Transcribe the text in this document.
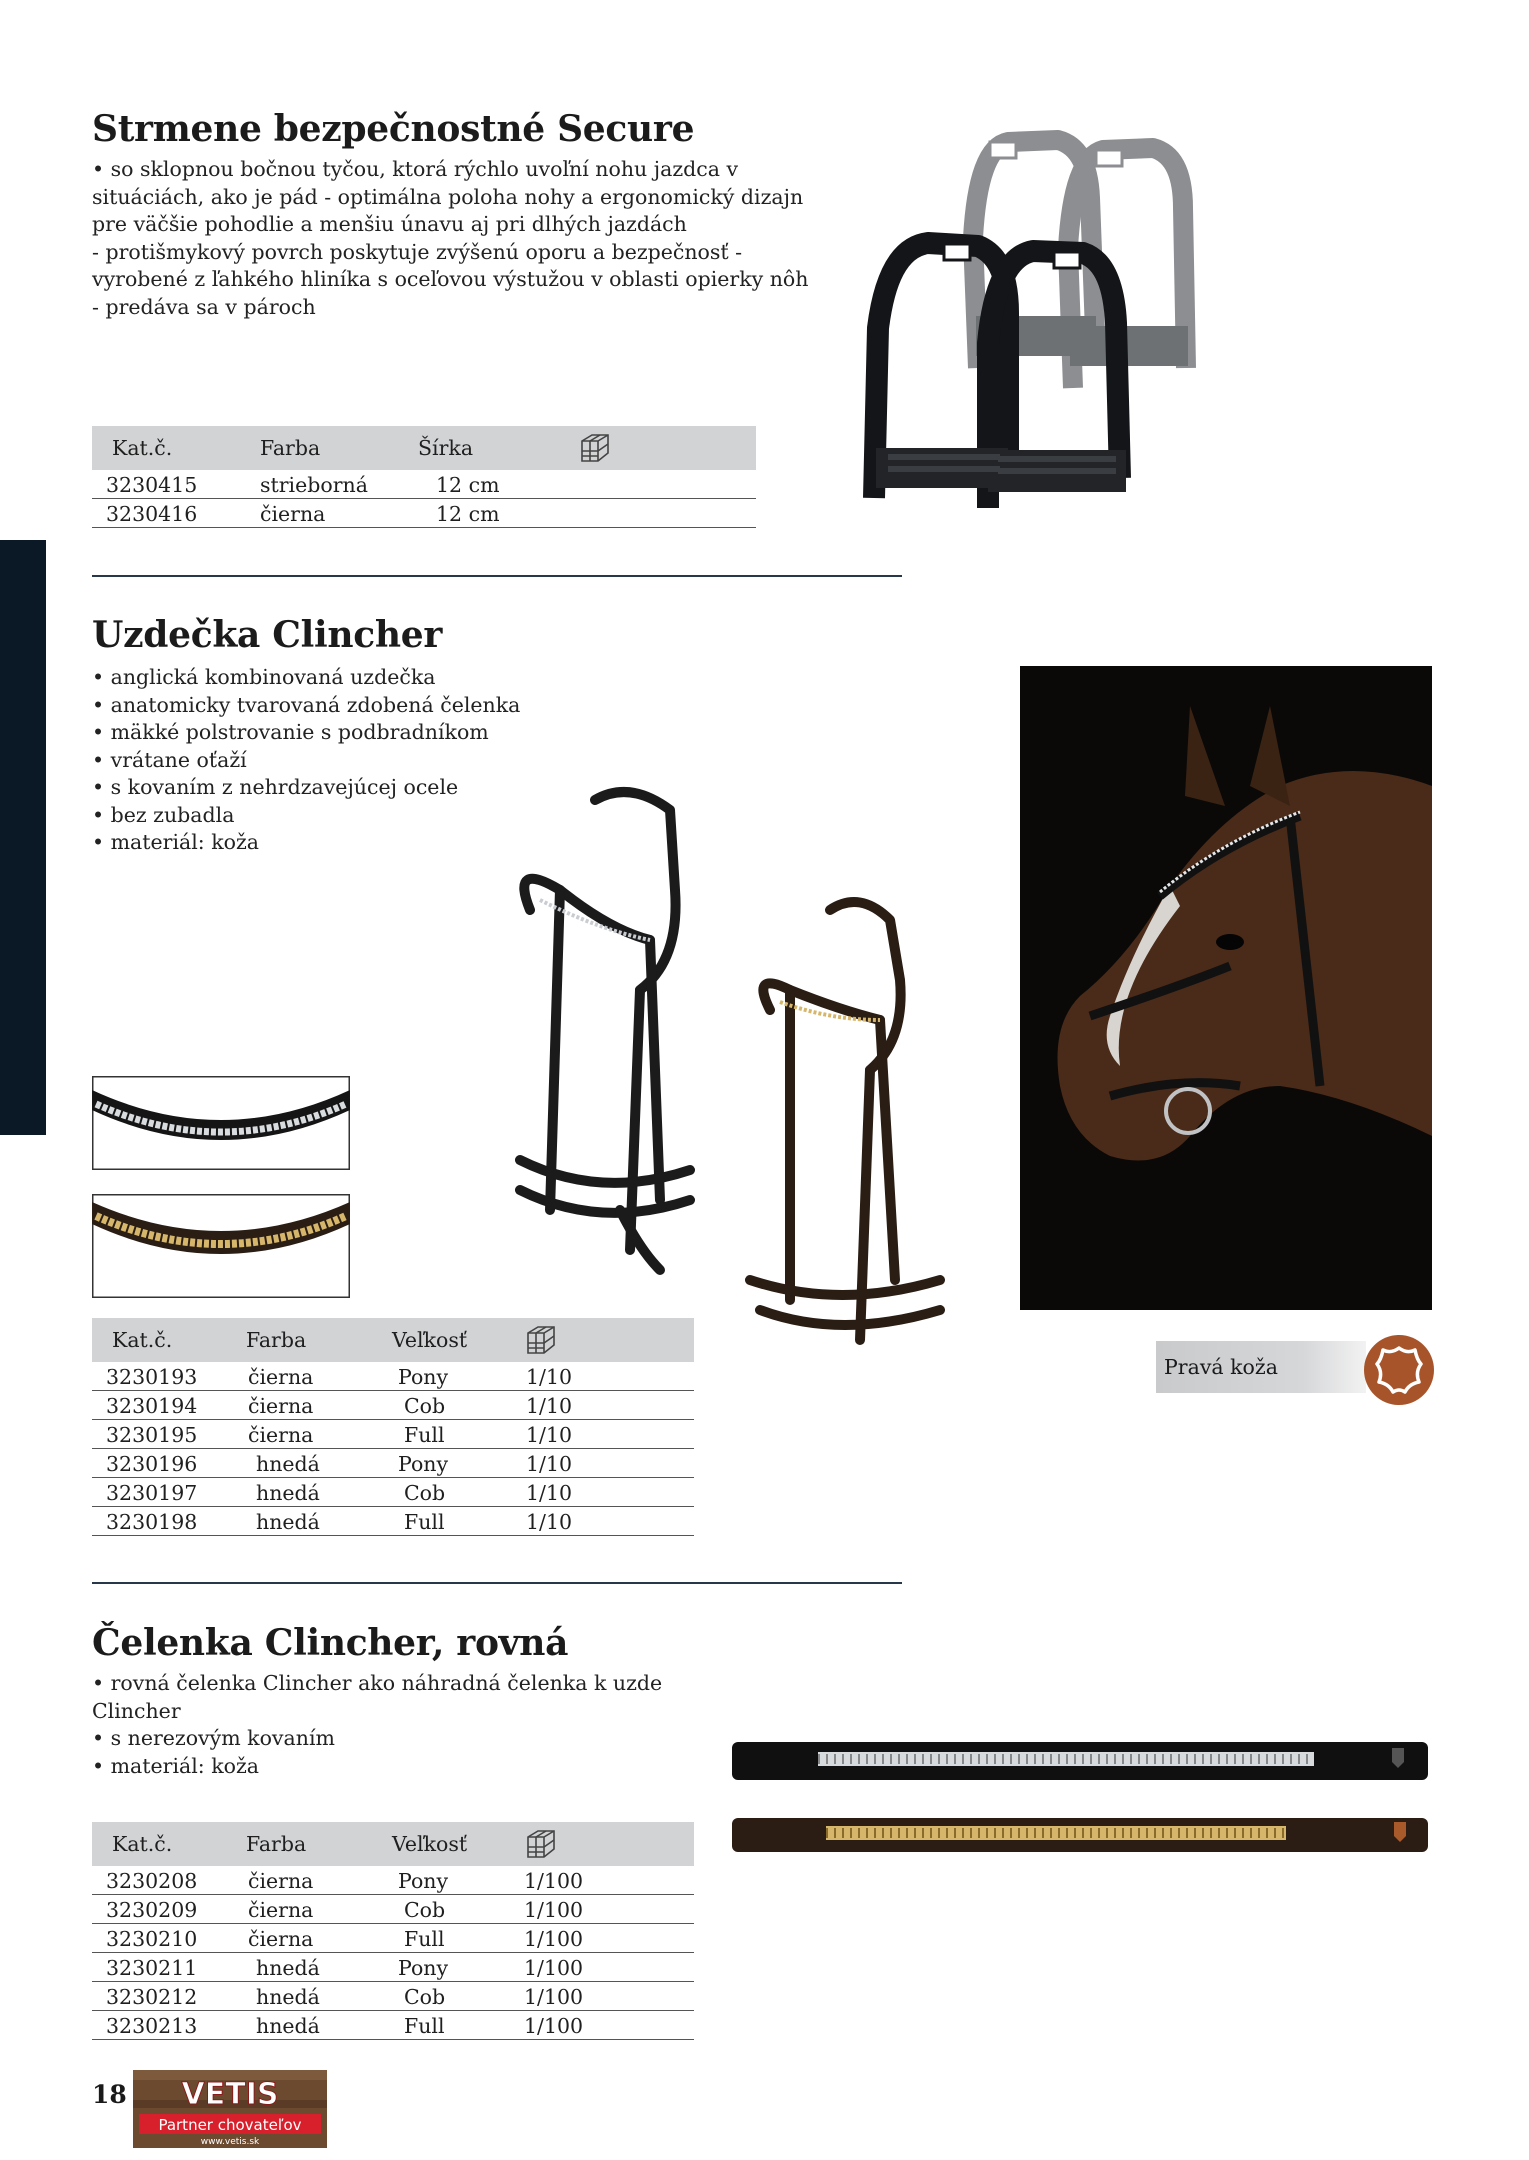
Strmene bezpečnostné Secure
• so sklopnou bočnou tyčou, ktorá rýchlo uvoľní nohu jazdca v
situáciách, ako je pád - optimálna poloha nohy a ergonomický dizajn
pre väčšie pohodlie a menšiu únavu aj pri dlhých jazdách
- protišmykový povrch poskytuje zvýšenú oporu a bezpečnosť -
vyrobené z ľahkého hliníka s oceľovou výstužou v oblasti opierky nôh
- predáva sa v pároch
Kat.č.	Farba	Šírka	
3230415	strieborná	12 cm	
3230416	čierna	12 cm	
Uzdečka Clincher
• anglická kombinovaná uzdečka
• anatomicky tvarovaná zdobená čelenka
• mäkké polstrovanie s podbradníkom
• vrátane oťaží
• s kovaním z nehrdzavejúcej ocele
• bez zubadla
• materiál: koža
Pravá koža
Kat.č.	Farba	Veľkosť	
3230193	čierna	Pony	1/10
3230194	čierna	Cob	1/10
3230195	čierna	Full	1/10
3230196	hnedá	Pony	1/10
3230197	hnedá	Cob	1/10
3230198	hnedá	Full	1/10
Čelenka Clincher, rovná
• rovná čelenka Clincher ako náhradná čelenka k uzde
Clincher
• s nerezovým kovaním
• materiál: koža
Kat.č.	Farba	Veľkosť	
3230208	čierna	Pony	1/100
3230209	čierna	Cob	1/100
3230210	čierna	Full	1/100
3230211	hnedá	Pony	1/100
3230212	hnedá	Cob	1/100
3230213	hnedá	Full	1/100
18 VETIS
Partner chovateľov
www.vetis.sk
